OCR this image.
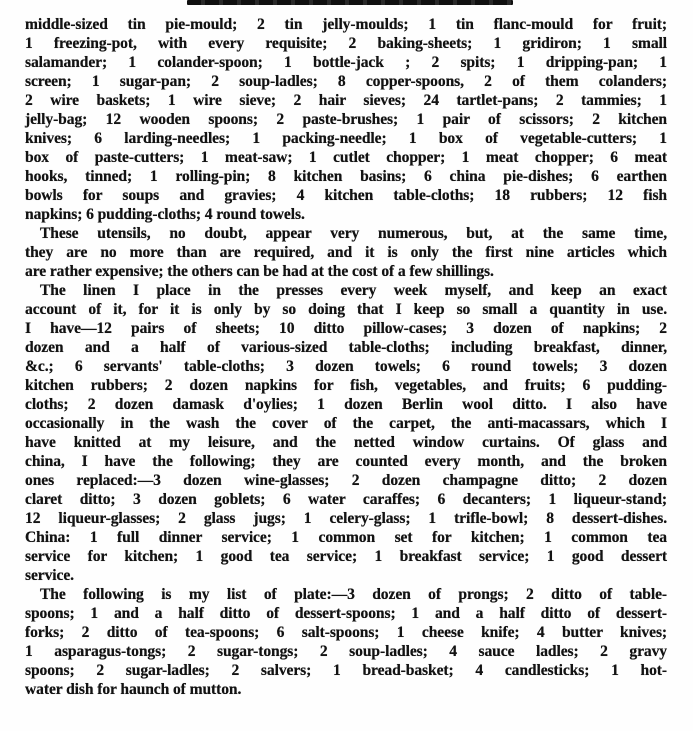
middle-sized tin pie-mould; 2 tin jelly-moulds; 1 tin flanc-mould for fruit;
1 freezing-pot, with every requisite; 2 baking-sheets; 1 gridiron; 1 small
salamander; 1 colander-spoon; 1 bottle-jack ; 2 spits; 1 dripping-pan; 1
screen; 1 sugar-pan; 2 soup-ladles; 8 copper-spoons, 2 of them colanders;
2 wire baskets; 1 wire sieve; 2 hair sieves; 24 tartlet-pans; 2 tammies; 1
jelly-bag; 12 wooden spoons; 2 paste-brushes; 1 pair of scissors; 2 kitchen
knives; 6 larding-needles; 1 packing-needle; 1 box of vegetable-cutters; 1
box of paste-cutters; 1 meat-saw; 1 cutlet chopper; 1 meat chopper; 6 meat
hooks, tinned; 1 rolling-pin; 8 kitchen basins; 6 china pie-dishes; 6 earthen
bowls for soups and gravies; 4 kitchen table-cloths; 18 rubbers; 12 fish
napkins; 6 pudding-cloths; 4 round towels.
These utensils, no doubt, appear very numerous, but, at the same time,
they are no more than are required, and it is only the first nine articles which
are rather expensive; the others can be had at the cost of a few shillings.
The linen I place in the presses every week myself, and keep an exact
account of it, for it is only by so doing that I keep so small a quantity in use.
I have—12 pairs of sheets; 10 ditto pillow-cases; 3 dozen of napkins; 2
dozen and a half of various-sized table-cloths; including breakfast, dinner,
&c.; 6 servants' table-cloths; 3 dozen towels; 6 round towels; 3 dozen
kitchen rubbers; 2 dozen napkins for fish, vegetables, and fruits; 6 pudding-
cloths; 2 dozen damask d'oylies; 1 dozen Berlin wool ditto. I also have
occasionally in the wash the cover of the carpet, the anti-macassars, which I
have knitted at my leisure, and the netted window curtains. Of glass and
china, I have the following; they are counted every month, and the broken
ones replaced:—3 dozen wine-glasses; 2 dozen champagne ditto; 2 dozen
claret ditto; 3 dozen goblets; 6 water caraffes; 6 decanters; 1 liqueur-stand;
12 liqueur-glasses; 2 glass jugs; 1 celery-glass; 1 trifle-bowl; 8 dessert-dishes.
China: 1 full dinner service; 1 common set for kitchen; 1 common tea
service for kitchen; 1 good tea service; 1 breakfast service; 1 good dessert
service.
The following is my list of plate:—3 dozen of prongs; 2 ditto of table-
spoons; 1 and a half ditto of dessert-spoons; 1 and a half ditto of dessert-
forks; 2 ditto of tea-spoons; 6 salt-spoons; 1 cheese knife; 4 butter knives;
1 asparagus-tongs; 2 sugar-tongs; 2 soup-ladles; 4 sauce ladles; 2 gravy
spoons; 2 sugar-ladles; 2 salvers; 1 bread-basket; 4 candlesticks; 1 hot-
water dish for haunch of mutton.
